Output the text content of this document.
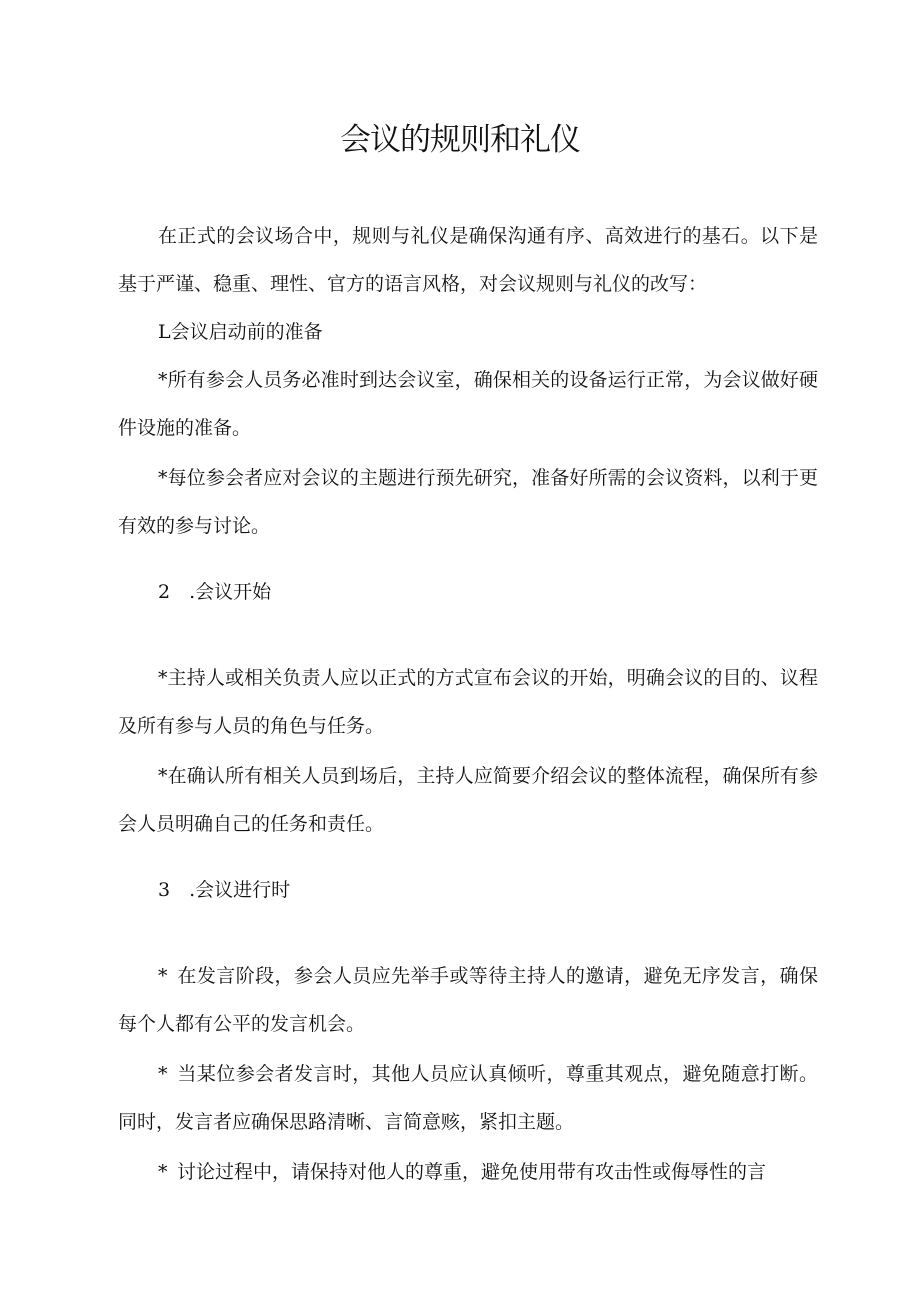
会议的规则和礼仪

在正式的会议场合中，规则与礼仪是确保沟通有序、高效进行的基石。以下是基于严谨、稳重、理性、官方的语言风格，对会议规则与礼仪的改写：

L会议启动前的准备

*所有参会人员务必准时到达会议室，确保相关的设备运行正常，为会议做好硬件设施的准备。

*每位参会者应对会议的主题进行预先研究，准备好所需的会议资料，以利于更有效的参与讨论。

2 .会议开始

*主持人或相关负责人应以正式的方式宣布会议的开始，明确会议的目的、议程及所有参与人员的角色与任务。

*在确认所有相关人员到场后，主持人应简要介绍会议的整体流程，确保所有参会人员明确自己的任务和责任。

3 .会议进行时

* 在发言阶段，参会人员应先举手或等待主持人的邀请，避免无序发言，确保每个人都有公平的发言机会。

* 当某位参会者发言时，其他人员应认真倾听，尊重其观点，避免随意打断。同时，发言者应确保思路清晰、言简意赅，紧扣主题。

* 讨论过程中，请保持对他人的尊重，避免使用带有攻击性或侮辱性的言
